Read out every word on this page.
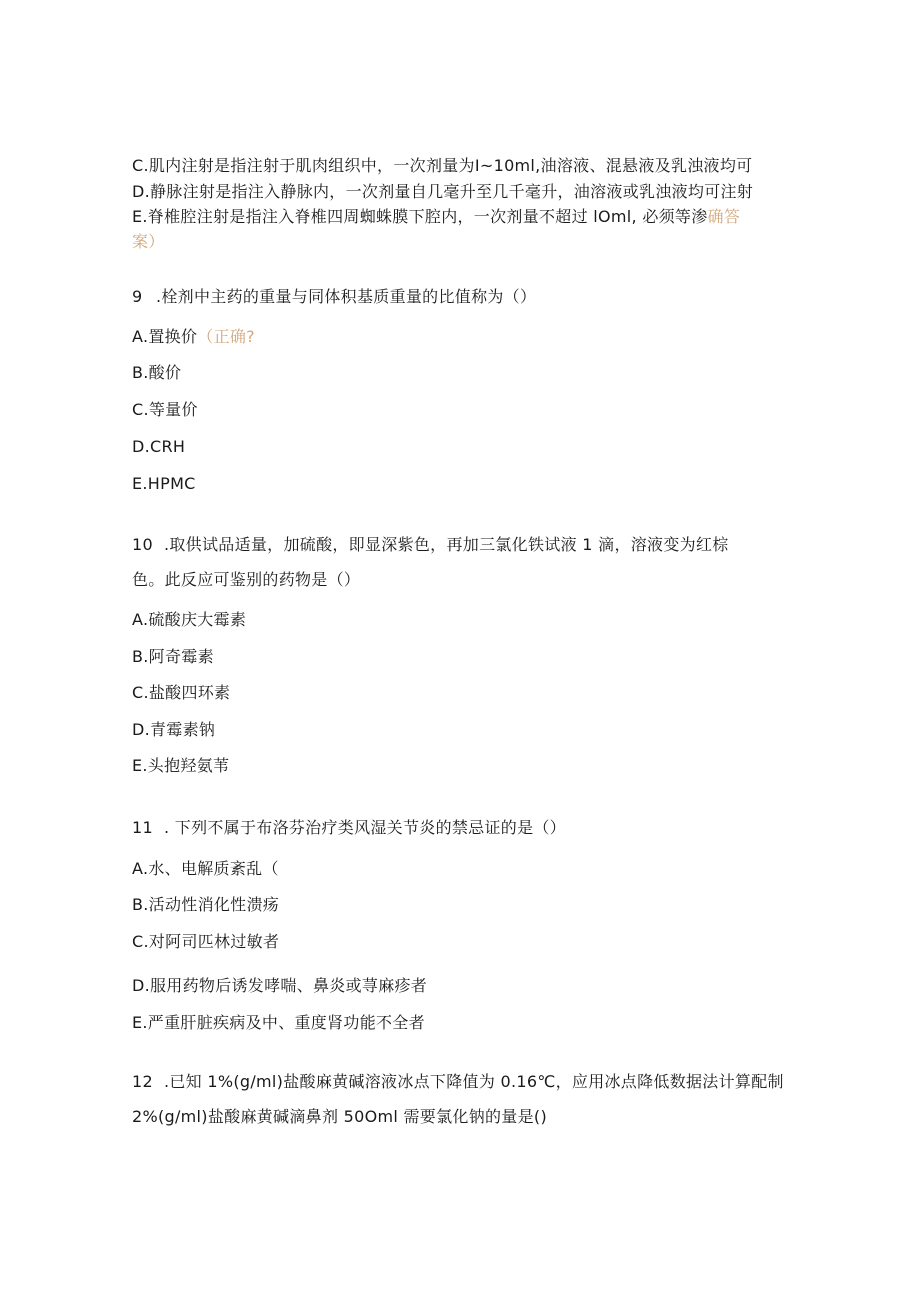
C.肌内注射是指注射于肌肉组织中，一次剂量为I~10ml,油溶液、混悬液及乳浊液均可
D.静脉注射是指注入静脉内，一次剂量自几毫升至几千毫升，油溶液或乳浊液均可注射
E.脊椎腔注射是指注入脊椎四周蜘蛛膜下腔内，一次剂量不超过 lOml, 必须等渗确答
案）
9 .栓剂中主药的重量与同体积基质重量的比值称为（）
A.置换价（正确?
B.酸价
C.等量价
D.CRH
E.HPMC
10 .取供试品适量，加硫酸，即显深紫色，再加三氯化铁试液 1 滴，溶液变为红棕
色。此反应可鉴别的药物是（）
A.硫酸庆大霉素
B.阿奇霉素
C.盐酸四环素
D.青霉素钠
E.头抱羟氨苇
11 . 下列不属于布洛芬治疗类风湿关节炎的禁忌证的是（）
A.水、电解质紊乱（
B.活动性消化性溃疡
C.对阿司匹林过敏者
D.服用药物后诱发哮喘、鼻炎或荨麻疹者
E.严重肝脏疾病及中、重度肾功能不全者
12 .已知 1%(g∕ml)盐酸麻黄碱溶液冰点下降值为 0.16℃，应用冰点降低数据法计算配制
2%(g∕ml)盐酸麻黄碱滴鼻剂 50Oml 需要氯化钠的量是()
